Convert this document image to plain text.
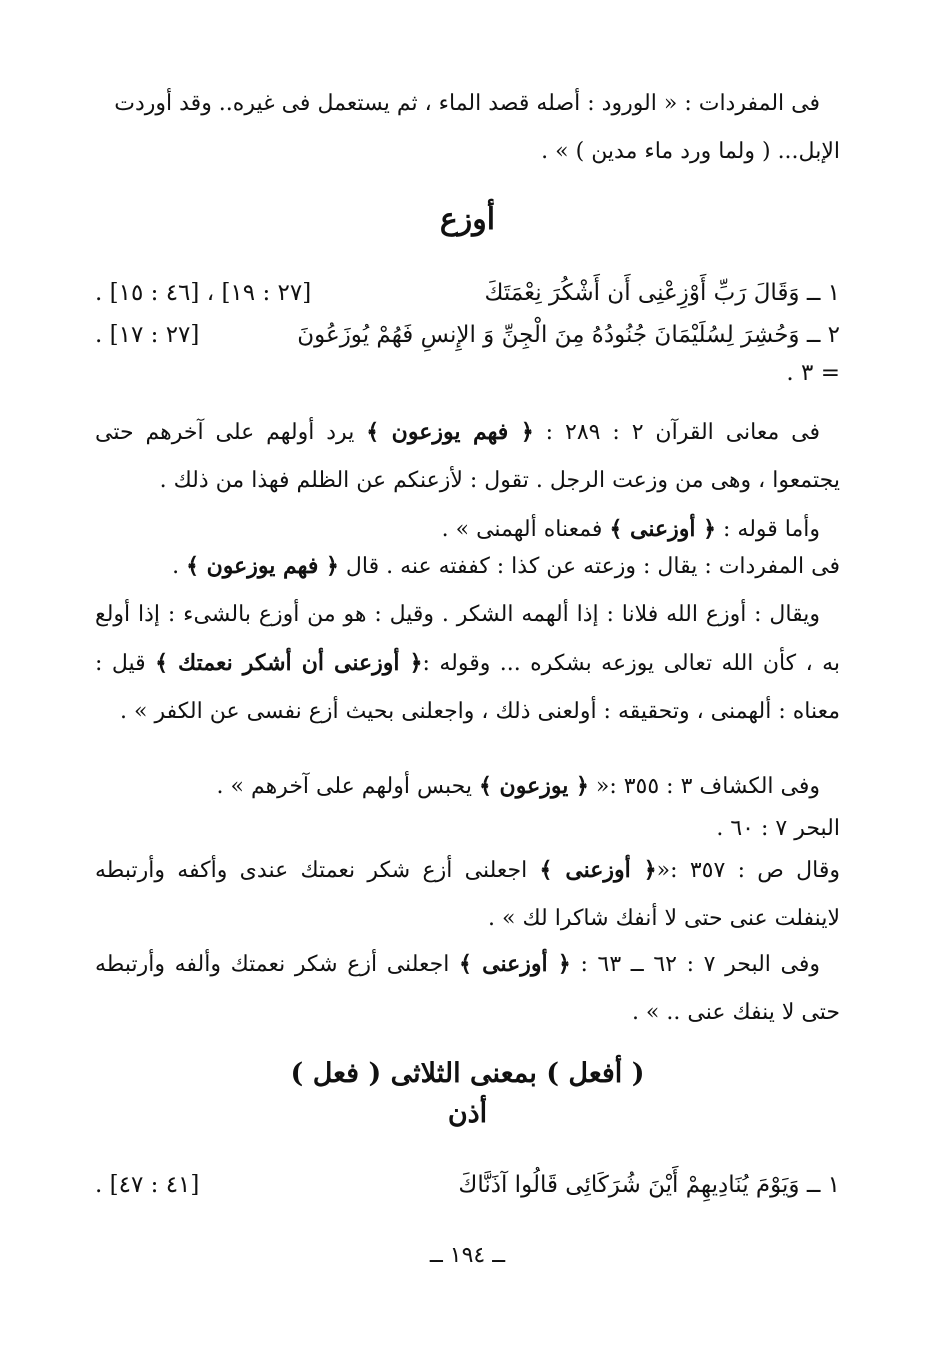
فى المفردات : « الورود : أصله قصد الماء ، ثم يستعمل فى غيره.. وقد أوردت

الإبل... ( ولما ورد ماء مدين ) » .

أوزع
١ ــ وَقَالَ رَبِّ أَوْزِعْنِى أَن أَشْكُرَ نِعْمَتَكَ
[٢٧ : ١٩] ، [٤٦ : ١٥] .
٢ ــ وَحُشِرَ لِسُلَيْمَانَ جُنُودُهُ مِنَ الْجِنِّ وَ الإِنسِ فَهُمْ يُوزَعُونَ
[٢٧ : ١٧] .
= ٣ .

فى معانى القرآن ٢ : ٢٨٩ : ﴿ فهم يوزعون ﴾ يرد أولهم على آخرهم حتى يجتمعوا ، وهى من وزعت الرجل . تقول : لأزعنكم عن الظلم فهذا من ذلك .

وأما قوله : ﴿ أوزعنى ﴾ فمعناه ألهمنى » .

فى المفردات : يقال : وزعته عن كذا : كففته عنه . قال ﴿ فهم يوزعون ﴾ .

ويقال : أوزع الله فلانا : إذا ألهمه الشكر . وقيل : هو من أوزع بالشىء : إذا أولع به ، كأن الله تعالى يوزعه بشكره ... وقوله :﴿ أوزعنى أن أشكر نعمتك ﴾ قيل : معناه : ألهمنى ، وتحقيقه : أولعنى ذلك ، واجعلنى بحيث أزع نفسى عن الكفر » .

وفى الكشاف ٣ : ٣٥٥ :« ﴿ يوزعون ﴾ يحبس أولهم على آخرهم » .

البحر ٧ : ٦٠ .

وقال ص : ٣٥٧ :«﴿ أوزعنى ﴾ اجعلنى أزع شكر نعمتك عندى وأكفه وأرتبطه لاينفلت عنى حتى لا أنفك شاكرا لك » .

وفى البحر ٧ : ٦٢ ــ ٦٣ : ﴿ أوزعنى ﴾ اجعلنى أزع شكر نعمتك وألفه وأرتبطه حتى لا ينفك عنى .. » .

( أفعل ) بمعنى الثلاثى ( فعل )
أذن
١ ــ وَيَوْمَ يُنَادِيهِمْ أَيْنَ شُرَكَائِى قَالُوا آذَنَّاكَ
[٤١ : ٤٧] .
ــ ١٩٤ ــ
